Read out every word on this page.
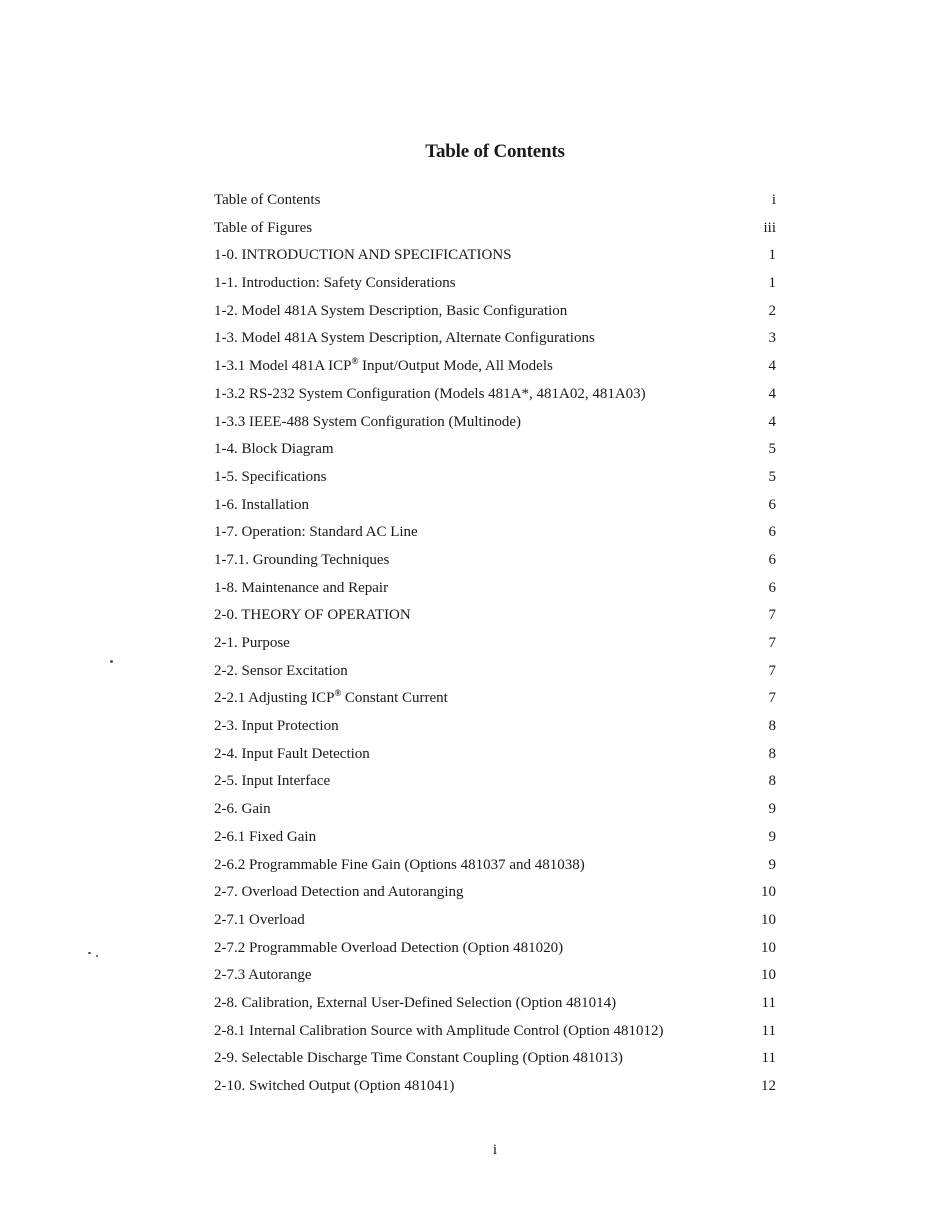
Table of Contents
Table of Contents	i
Table of Figures	iii
1-0. INTRODUCTION AND SPECIFICATIONS	1
1-1. Introduction: Safety Considerations	1
1-2. Model 481A System Description, Basic Configuration	2
1-3. Model 481A System Description, Alternate Configurations	3
1-3.1 Model 481A ICP® Input/Output Mode, All Models	4
1-3.2 RS-232 System Configuration (Models 481A*, 481A02, 481A03)	4
1-3.3 IEEE-488 System Configuration (Multinode)	4
1-4. Block Diagram	5
1-5. Specifications	5
1-6. Installation	6
1-7. Operation: Standard AC Line	6
1-7.1. Grounding Techniques	6
1-8. Maintenance and Repair	6
2-0. THEORY OF OPERATION	7
2-1. Purpose	7
2-2. Sensor Excitation	7
2-2.1 Adjusting ICP® Constant Current	7
2-3. Input Protection	8
2-4. Input Fault Detection	8
2-5. Input Interface	8
2-6. Gain	9
2-6.1 Fixed Gain	9
2-6.2 Programmable Fine Gain (Options 481037 and 481038)	9
2-7. Overload Detection and Autoranging	10
2-7.1 Overload	10
2-7.2 Programmable Overload Detection (Option 481020)	10
2-7.3 Autorange	10
2-8. Calibration, External User-Defined Selection (Option 481014)	11
2-8.1 Internal Calibration Source with Amplitude Control (Option 481012)	11
2-9. Selectable Discharge Time Constant Coupling (Option 481013)	11
2-10. Switched Output (Option 481041)	12
i
